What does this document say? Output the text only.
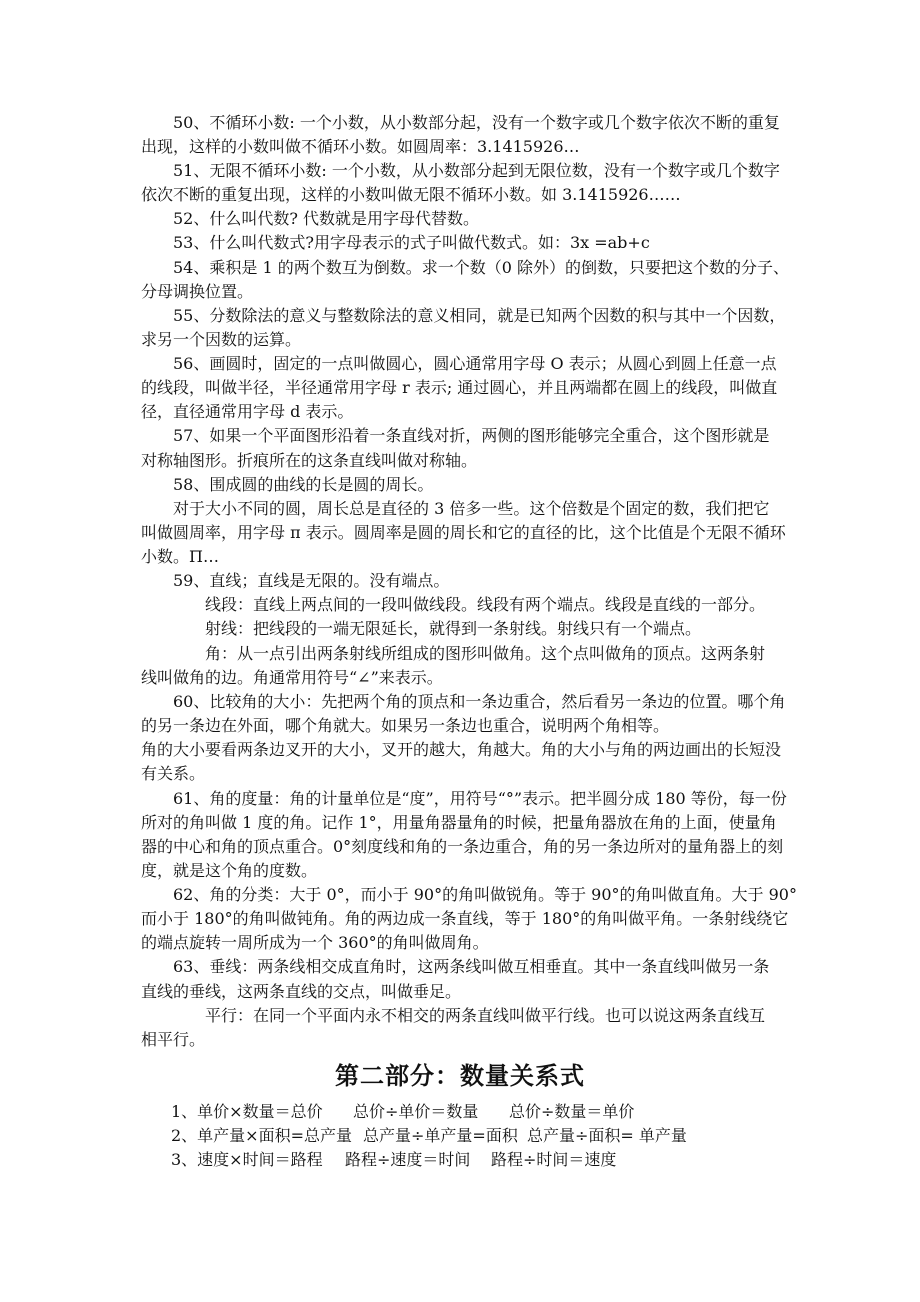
　　50、不循环小数: 一个小数，从小数部分起，没有一个数字或几个数字依次不断的重复
出现，这样的小数叫做不循环小数。如圆周率：3.1415926…
　　51、无限不循环小数: 一个小数，从小数部分起到无限位数，没有一个数字或几个数字
依次不断的重复出现，这样的小数叫做无限不循环小数。如 3.1415926……
　　52、什么叫代数? 代数就是用字母代替数。
　　53、什么叫代数式?用字母表示的式子叫做代数式。如：3x =ab+c
　　54、乘积是 1 的两个数互为倒数。求一个数（0 除外）的倒数，只要把这个数的分子、
分母调换位置。
　　55、分数除法的意义与整数除法的意义相同，就是已知两个因数的积与其中一个因数，
求另一个因数的运算。
　　56、画圆时，固定的一点叫做圆心，圆心通常用字母 O 表示；从圆心到圆上任意一点
的线段，叫做半径，半径通常用字母 r 表示; 通过圆心，并且两端都在圆上的线段，叫做直
径，直径通常用字母 d 表示。
　　57、如果一个平面图形沿着一条直线对折，两侧的图形能够完全重合，这个图形就是
对称轴图形。折痕所在的这条直线叫做对称轴。
　　58、围成圆的曲线的长是圆的周长。
　　对于大小不同的圆，周长总是直径的 3 倍多一些。这个倍数是个固定的数，我们把它
叫做圆周率，用字母 π 表示。圆周率是圆的周长和它的直径的比，这个比值是个无限不循环
小数。Π…
　　59、直线；直线是无限的。没有端点。
　　　　线段：直线上两点间的一段叫做线段。线段有两个端点。线段是直线的一部分。
　　　　射线：把线段的一端无限延长，就得到一条射线。射线只有一个端点。
　　　　角：从一点引出两条射线所组成的图形叫做角。这个点叫做角的顶点。这两条射
线叫做角的边。角通常用符号“∠”来表示。
　　60、比较角的大小：先把两个角的顶点和一条边重合，然后看另一条边的位置。哪个角
的另一条边在外面，哪个角就大。如果另一条边也重合，说明两个角相等。
角的大小要看两条边叉开的大小，叉开的越大，角越大。角的大小与角的两边画出的长短没
有关系。
　　61、角的度量：角的计量单位是“度”，用符号“°”表示。把半圆分成 180 等份，每一份
所对的角叫做 1 度的角。记作 1°，用量角器量角的时候，把量角器放在角的上面，使量角
器的中心和角的顶点重合。0°刻度线和角的一条边重合，角的另一条边所对的量角器上的刻
度，就是这个角的度数。
　　62、角的分类：大于 0°，而小于 90°的角叫做锐角。等于 90°的角叫做直角。大于 90°
而小于 180°的角叫做钝角。角的两边成一条直线，等于 180°的角叫做平角。一条射线绕它
的端点旋转一周所成为一个 360°的角叫做周角。
　　63、垂线：两条线相交成直角时，这两条线叫做互相垂直。其中一条直线叫做另一条
直线的垂线，这两条直线的交点，叫做垂足。
　　　　平行：在同一个平面内永不相交的两条直线叫做平行线。也可以说这两条直线互
相平行。
第二部分：数量关系式
1、单价×数量＝总价 总价÷单价＝数量 总价÷数量＝单价
2、单产量×面积=总产量 总产量÷单产量=面积 总产量÷面积= 单产量
3、速度×时间＝路程 路程÷速度＝时间 路程÷时间＝速度
